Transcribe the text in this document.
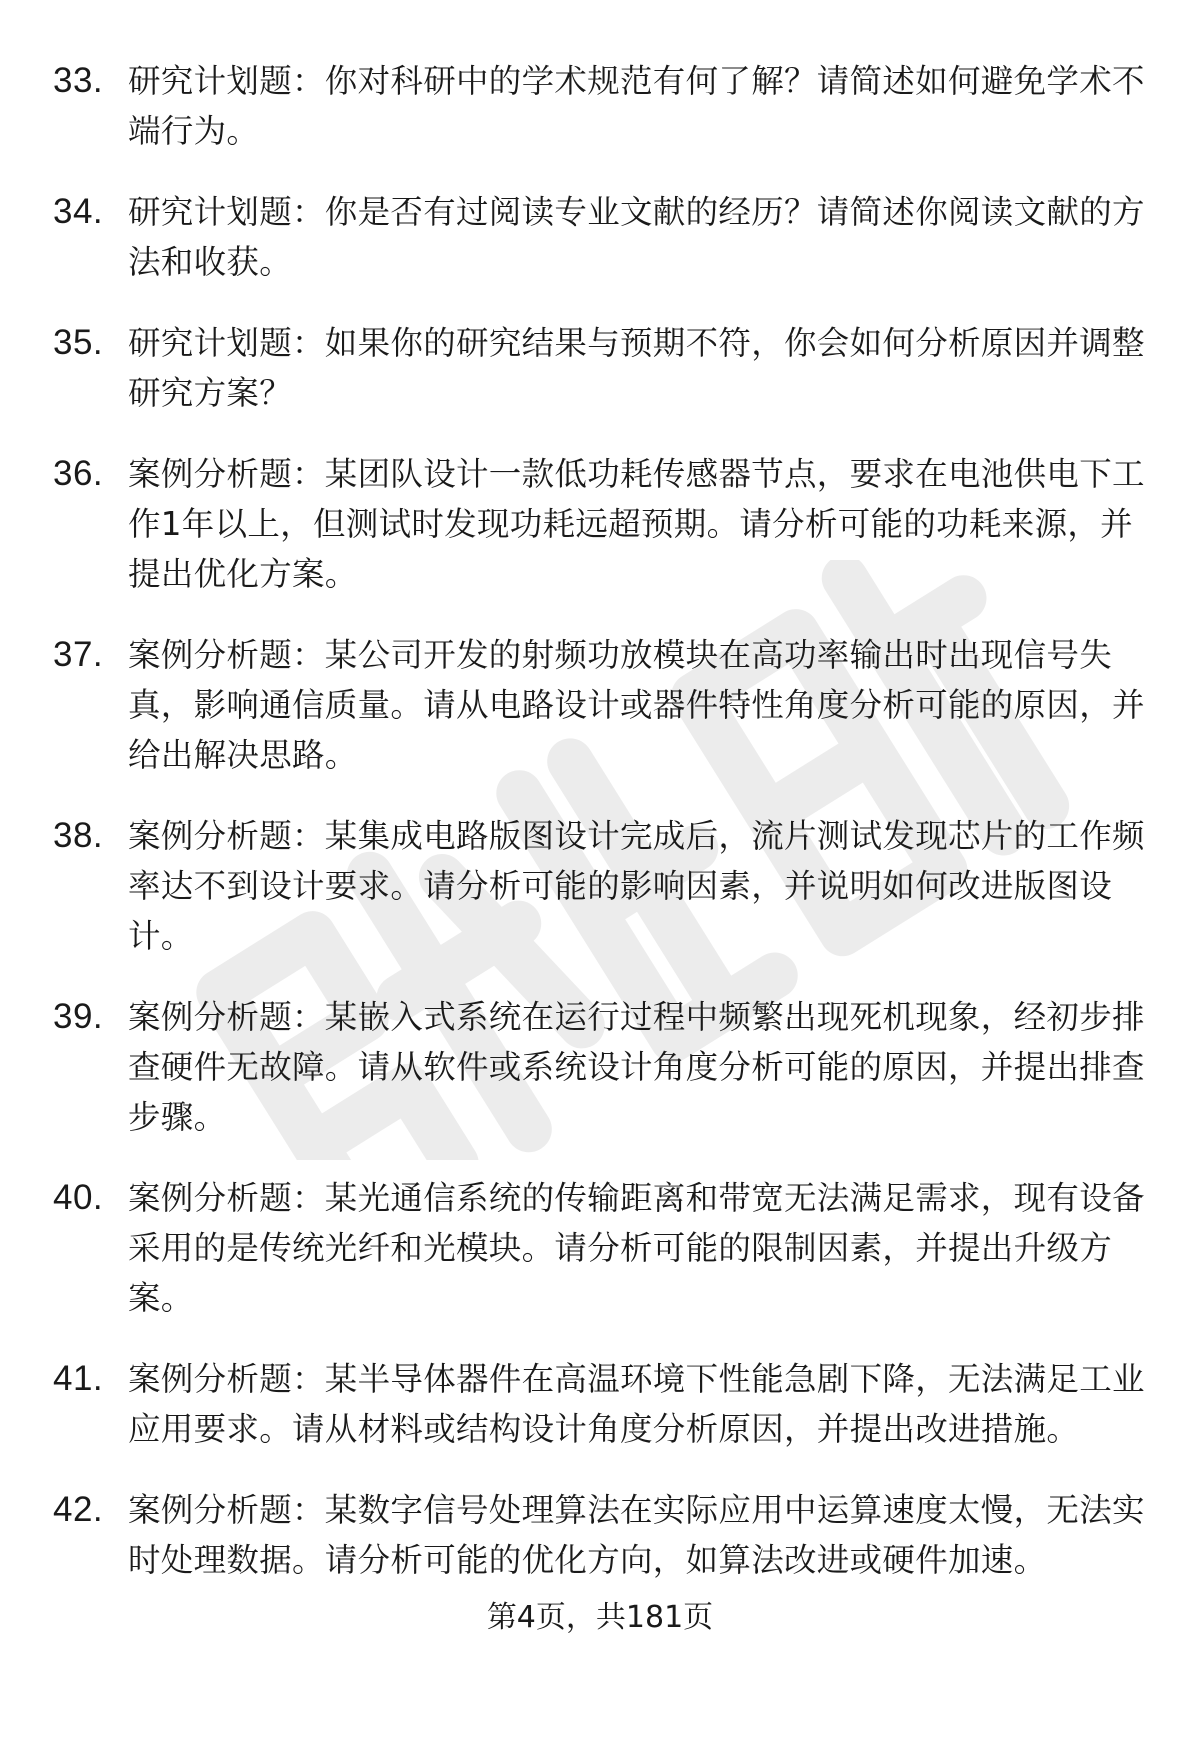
33. 研究计划题：你对科研中的学术规范有何了解？请简述如何避免学术不端行为。
34. 研究计划题：你是否有过阅读专业文献的经历？请简述你阅读文献的方法和收获。
35. 研究计划题：如果你的研究结果与预期不符，你会如何分析原因并调整研究方案？
36. 案例分析题：某团队设计一款低功耗传感器节点，要求在电池供电下工作1年以上，但测试时发现功耗远超预期。请分析可能的功耗来源，并提出优化方案。
37. 案例分析题：某公司开发的射频功放模块在高功率输出时出现信号失真，影响通信质量。请从电路设计或器件特性角度分析可能的原因，并给出解决思路。
38. 案例分析题：某集成电路版图设计完成后，流片测试发现芯片的工作频率达不到设计要求。请分析可能的影响因素，并说明如何改进版图设计。
39. 案例分析题：某嵌入式系统在运行过程中频繁出现死机现象，经初步排查硬件无故障。请从软件或系统设计角度分析可能的原因，并提出排查步骤。
40. 案例分析题：某光通信系统的传输距离和带宽无法满足需求，现有设备采用的是传统光纤和光模块。请分析可能的限制因素，并提出升级方案。
41. 案例分析题：某半导体器件在高温环境下性能急剧下降，无法满足工业应用要求。请从材料或结构设计角度分析原因，并提出改进措施。
42. 案例分析题：某数字信号处理算法在实际应用中运算速度太慢，无法实时处理数据。请分析可能的优化方向，如算法改进或硬件加速。
第4页，共181页
